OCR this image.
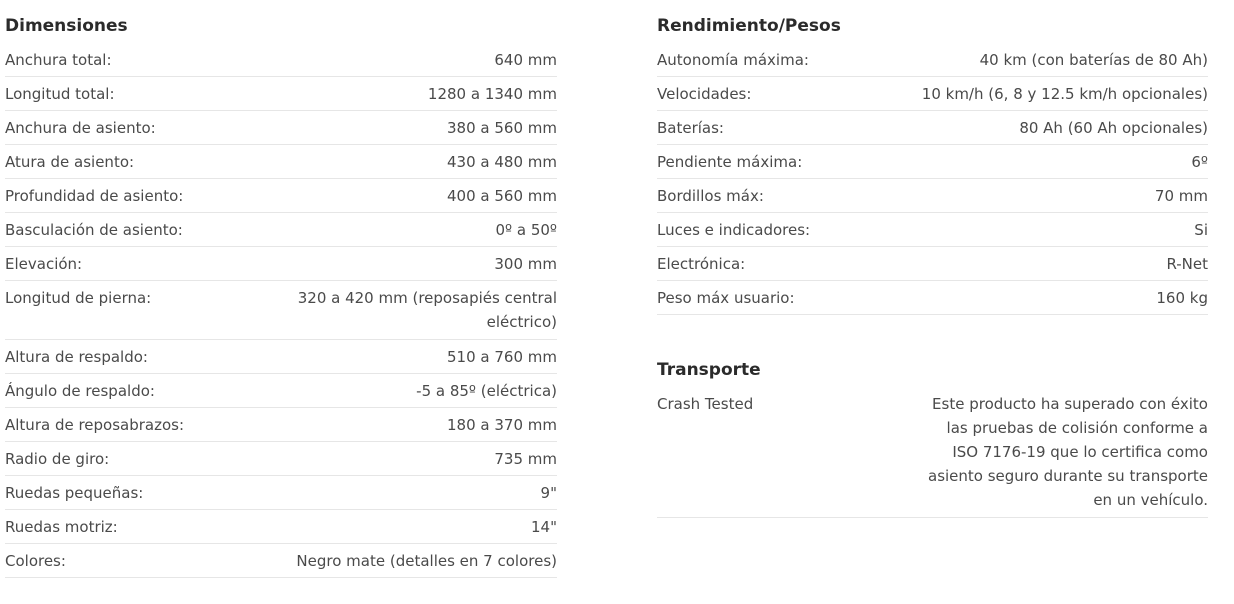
Dimensiones
Anchura total:	640 mm
Longitud total:	1280 a 1340 mm
Anchura de asiento:	380 a 560 mm
Atura de asiento:	430 a 480 mm
Profundidad de asiento:	400 a 560 mm
Basculación de asiento:	0º a 50º
Elevación:	300 mm
Longitud de pierna:	320 a 420 mm (reposapiés central eléctrico)
Altura de respaldo:	510 a 760 mm
Ángulo de respaldo:	-5 a 85º (eléctrica)
Altura de reposabrazos:	180 a 370 mm
Radio de giro:	735 mm
Ruedas pequeñas:	9"
Ruedas motriz:	14"
Colores:	Negro mate (detalles en 7 colores)
Rendimiento/Pesos
Autonomía máxima:	40 km (con baterías de 80 Ah)
Velocidades:	10 km/h (6, 8 y 12.5 km/h opcionales)
Baterías:	80 Ah (60 Ah opcionales)
Pendiente máxima:	6º
Bordillos máx:	70 mm
Luces e indicadores:	Si
Electrónica:	R-Net
Peso máx usuario:	160 kg
Transporte
Crash Tested	Este producto ha superado con éxito las pruebas de colisión conforme a ISO 7176-19 que lo certifica como asiento seguro durante su transporte en un vehículo.
